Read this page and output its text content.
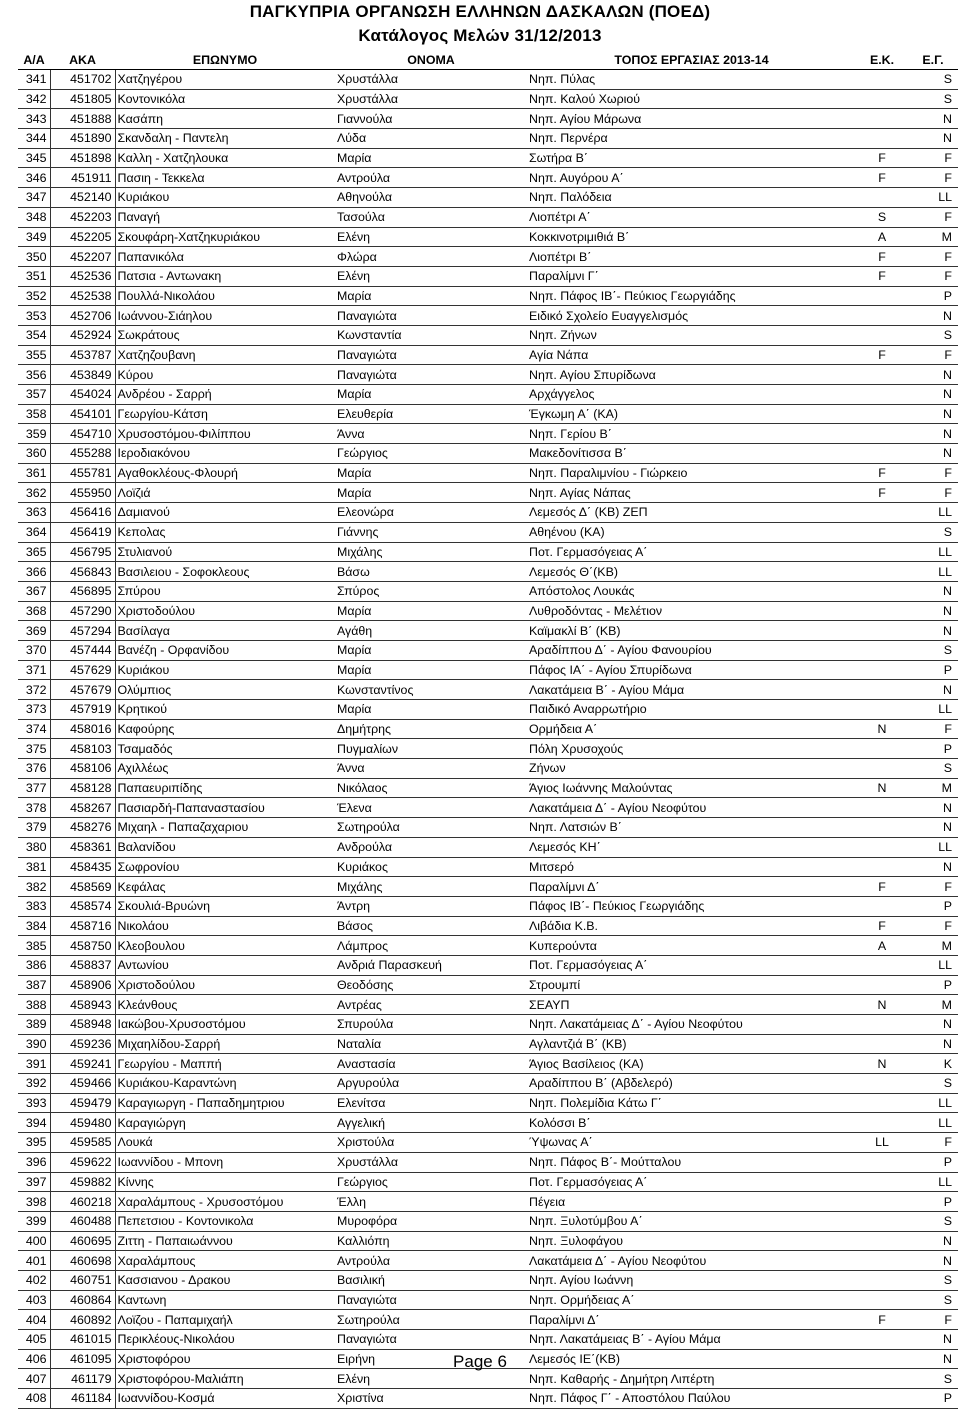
ΠΑΓΚΥΠΡΙΑ ΟΡΓΑΝΩΣΗ ΕΛΛΗΝΩΝ ΔΑΣΚΑΛΩΝ (ΠΟΕΔ)
Κατάλογος Μελών 31/12/2013
Α/Α	ΑΚΑ	ΕΠΩΝΥΜΟ	ΟΝΟΜΑ	ΤΟΠΟΣ ΕΡΓΑΣΙΑΣ 2013-14	Ε.Κ.	Ε.Γ.
341	451702	Χατζηγέρου	Χρυστάλλα	Νηπ. Πύλας		S
342	451805	Κοντονικόλα	Χρυστάλλα	Νηπ. Καλού Χωριού		S
343	451888	Κασάπη	Γιαννούλα	Νηπ. Αγίου Μάρωνα		N
344	451890	Σκανδαλη - Παντελη	Λύδα	Νηπ. Περνέρα		N
345	451898	Καλλη - Χατζηλουκα	Μαρία	Σωτήρα Β΄	F	F
346	451911	Πασιη - Τεκκελα	Αντρούλα	Νηπ. Αυγόρου Α΄	F	F
347	452140	Κυριάκου	Αθηνούλα	Νηπ. Παλόδεια		LL
348	452203	Παναγή	Τασούλα	Λιοπέτρι Α΄	S	F
349	452205	Σκουφάρη-Χατζηκυριάκου	Ελένη	Κοκκινοτριμιθιά Β΄	A	M
350	452207	Παπανικόλα	Φλώρα	Λιοπέτρι Β΄	F	F
351	452536	Πατσια - Αντωνακη	Ελένη	Παραλίμνι Γ΄	F	F
352	452538	Πουλλά-Νικολάου	Μαρία	Νηπ. Πάφος ΙΒ΄- Πεύκιος Γεωργιάδης		P
353	452706	Ιωάννου-Σιάηλου	Παναγιώτα	Ειδικό Σχολείο Ευαγγελισμός		N
354	452924	Σωκράτους	Κωνσταντία	Νηπ. Ζήνων		S
355	453787	Χατζηζουβανη	Παναγιώτα	Αγία Νάπα	F	F
356	453849	Κύρου	Παναγιώτα	Νηπ. Αγίου Σπυρίδωνα		N
357	454024	Ανδρέου - Σαρρή	Μαρία	Αρχάγγελος		N
358	454101	Γεωργίου-Κάτση	Ελευθερία	Έγκωμη Α΄ (ΚΑ)		N
359	454710	Χρυσοστόμου-Φιλίππου	Άννα	Νηπ. Γερίου Β΄		N
360	455288	Ιεροδιακόνου	Γεώργιος	Μακεδονίτισσα Β΄		N
361	455781	Αγαθοκλέους-Φλουρή	Μαρία	Νηπ. Παραλιμνίου - Γιώρκειο	F	F
362	455950	Λοϊζιά	Μαρία	Νηπ. Αγίας Νάπας	F	F
363	456416	Δαμιανού	Ελεονώρα	Λεμεσός Δ΄ (ΚΒ) ΖΕΠ		LL
364	456419	Κεπολας	Γιάννης	Αθηένου (ΚΑ)		S
365	456795	Στυλιανού	Μιχάλης	Ποτ. Γερμασόγειας Α΄		LL
366	456843	Βασιλειου - Σοφοκλεους	Βάσω	Λεμεσός Θ΄(ΚΒ)		LL
367	456895	Σπύρου	Σπύρος	Απόστολος Λουκάς		N
368	457290	Χριστοδούλου	Μαρία	Λυθροδόντας - Μελέτιον		N
369	457294	Βασίλαγα	Αγάθη	Καϊμακλί Β΄ (ΚΒ)		N
370	457444	Βανέζη - Ορφανίδου	Μαρία	Αραδίππου Δ΄ - Αγίου Φανουρίου		S
371	457629	Κυριάκου	Μαρία	Πάφος ΙΑ΄ - Αγίου Σπυρίδωνα		P
372	457679	Ολύμπιος	Κωνσταντίνος	Λακατάμεια Β΄ - Αγίου Μάμα		N
373	457919	Κρητικού	Μαρία	Παιδικό Αναρρωτήριο		LL
374	458016	Καφούρης	Δημήτρης	Ορμήδεια Α΄	N	F
375	458103	Τσαμαδός	Πυγμαλίων	Πόλη Χρυσοχούς		P
376	458106	Αχιλλέως	Άννα	Ζήνων		S
377	458128	Παπαευριπίδης	Νικόλαος	Άγιος Ιωάννης Μαλούντας	N	M
378	458267	Πασιαρδή-Παπαναστασίου	Έλενα	Λακατάμεια Δ΄ - Αγίου Νεοφύτου		N
379	458276	Μιχαηλ - Παπαζαχαριου	Σωτηρούλα	Νηπ. Λατσιών Β΄		N
380	458361	Βαλανίδου	Ανδρούλα	Λεμεσός ΚΗ΄		LL
381	458435	Σωφρονίου	Κυριάκος	Μιτσερό		N
382	458569	Κεφάλας	Μιχάλης	Παραλίμνι Δ΄	F	F
383	458574	Σκουλιά-Βρυώνη	Άντρη	Πάφος ΙΒ΄- Πεύκιος Γεωργιάδης		P
384	458716	Νικολάου	Βάσος	Λιβάδια Κ.Β.	F	F
385	458750	Κλεοβουλου	Λάμπρος	Κυπερούντα	A	M
386	458837	Αντωνίου	Ανδριά Παρασκευή	Ποτ. Γερμασόγειας Α΄		LL
387	458906	Χριστοδούλου	Θεοδόσης	Στρουμπί		P
388	458943	Κλεάνθους	Αντρέας	ΣΕΑΥΠ	N	M
389	458948	Ιακώβου-Χρυσοστόμου	Σπυρούλα	Νηπ. Λακατάμειας Δ΄ - Αγίου Νεοφύτου		N
390	459236	Μιχαηλίδου-Σαρρή	Ναταλία	Αγλαντζιά Β΄ (ΚΒ)		N
391	459241	Γεωργίου - Μαππή	Αναστασία	Άγιος Βασίλειος (ΚΑ)	N	K
392	459466	Κυριάκου-Καραντώνη	Αργυρούλα	Αραδίππου Β΄ (Αβδελερό)		S
393	459479	Καραγιωργη - Παπαδημητριου	Ελενίτσα	Νηπ. Πολεμίδια Κάτω Γ΄		LL
394	459480	Καραγιώργη	Αγγελική	Κολόσσι Β΄		LL
395	459585	Λουκά	Χριστούλα	Ύψωνας Α΄	LL	F
396	459622	Ιωαννίδου - Μπονη	Χρυστάλλα	Νηπ. Πάφος Β΄- Μούτταλου		P
397	459882	Κίννης	Γεώργιος	Ποτ. Γερμασόγειας Α΄		LL
398	460218	Χαραλάμπους - Χρυσοστόμου	Έλλη	Πέγεια		P
399	460488	Πεπετσιου - Κοντονικολα	Μυροφόρα	Νηπ. Ξυλοτύμβου Α΄		S
400	460695	Ζιττη - Παπαιωάννου	Καλλιόπη	Νηπ. Ξυλοφάγου		N
401	460698	Χαραλάμπους	Αντρούλα	Λακατάμεια Δ΄ - Αγίου Νεοφύτου		N
402	460751	Κασσιανου - Δρακου	Βασιλική	Νηπ. Αγίου Ιωάννη		S
403	460864	Καντωνη	Παναγιώτα	Νηπ. Ορμήδειας Α΄		S
404	460892	Λοϊζου - Παπαμιχαήλ	Σωτηρούλα	Παραλίμνι Δ΄	F	F
405	461015	Περικλέους-Νικολάου	Παναγιώτα	Νηπ. Λακατάμειας Β΄ - Αγίου Μάμα		N
406	461095	Χριστοφόρου	Ειρήνη	Λεμεσός ΙΕ΄(ΚΒ)		N
407	461179	Χριστοφόρου-Μαλιάπη	Ελένη	Νηπ. Καθαρής - Δημήτρη Λιπέρτη		S
408	461184	Ιωαννίδου-Κοσμά	Χριστίνα	Νηπ. Πάφος Γ΄ - Αποστόλου Παύλου		P
Page 6
